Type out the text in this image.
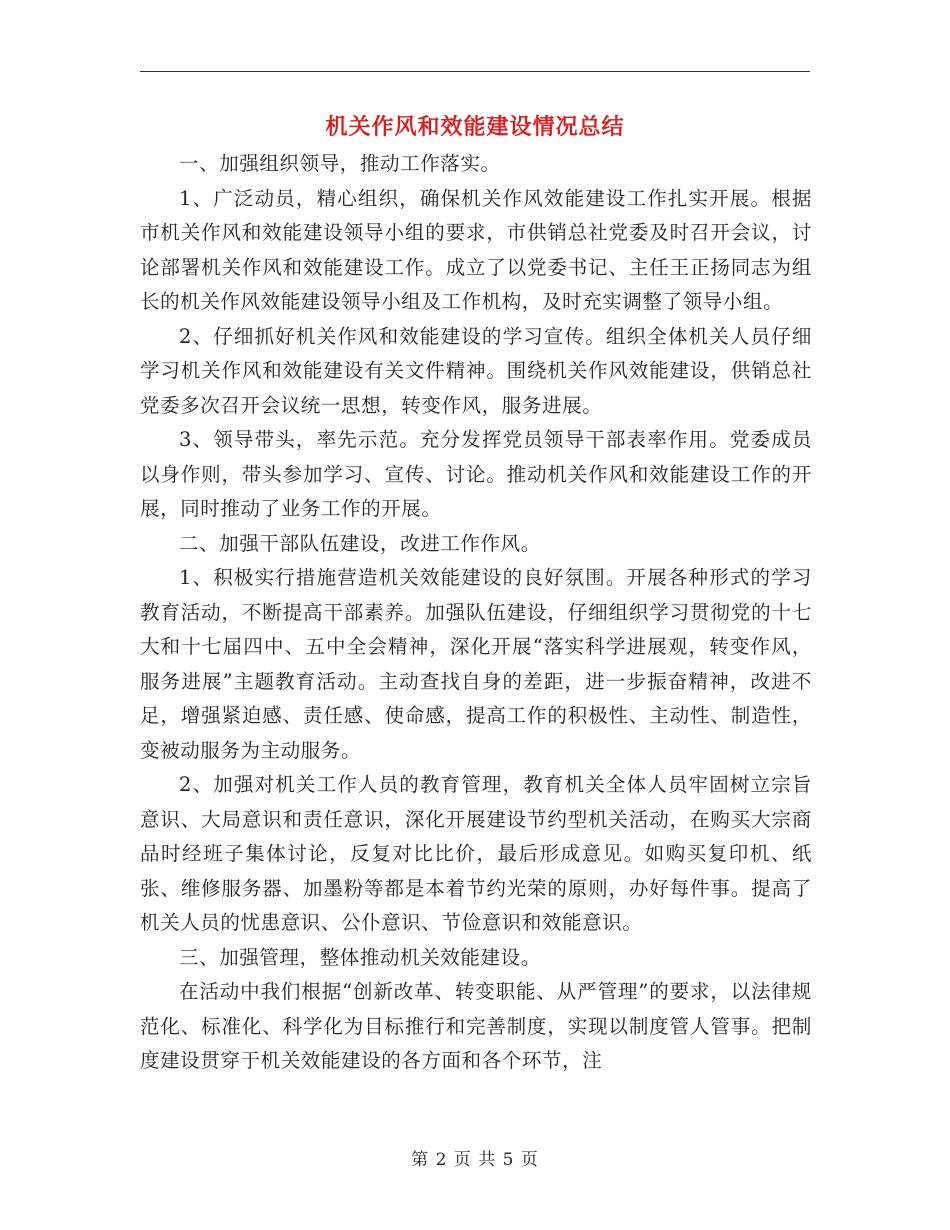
机关作风和效能建设情况总结

一、加强组织领导，推动工作落实。

1、广泛动员，精心组织，确保机关作风效能建设工作扎实开展。根据市机关作风和效能建设领导小组的要求，市供销总社党委及时召开会议，讨论部署机关作风和效能建设工作。成立了以党委书记、主任王正扬同志为组长的机关作风效能建设领导小组及工作机构，及时充实调整了领导小组。

2、仔细抓好机关作风和效能建设的学习宣传。组织全体机关人员仔细学习机关作风和效能建设有关文件精神。围绕机关作风效能建设，供销总社党委多次召开会议统一思想，转变作风，服务进展。

3、领导带头，率先示范。充分发挥党员领导干部表率作用。党委成员以身作则，带头参加学习、宣传、讨论。推动机关作风和效能建设工作的开展，同时推动了业务工作的开展。

二、加强干部队伍建设，改进工作作风。

1、积极实行措施营造机关效能建设的良好氛围。开展各种形式的学习教育活动，不断提高干部素养。加强队伍建设，仔细组织学习贯彻党的十七大和十七届四中、五中全会精神，深化开展“落实科学进展观，转变作风，服务进展”主题教育活动。主动查找自身的差距，进一步振奋精神，改进不足，增强紧迫感、责任感、使命感，提高工作的积极性、主动性、制造性，变被动服务为主动服务。

2、加强对机关工作人员的教育管理，教育机关全体人员牢固树立宗旨意识、大局意识和责任意识，深化开展建设节约型机关活动，在购买大宗商品时经班子集体讨论，反复对比比价，最后形成意见。如购买复印机、纸张、维修服务器、加墨粉等都是本着节约光荣的原则，办好每件事。提高了机关人员的忧患意识、公仆意识、节俭意识和效能意识。

三、加强管理，整体推动机关效能建设。

在活动中我们根据“创新改革、转变职能、从严管理”的要求，以法律规范化、标准化、科学化为目标推行和完善制度，实现以制度管人管事。把制度建设贯穿于机关效能建设的各方面和各个环节，注

第 2 页 共 5 页
